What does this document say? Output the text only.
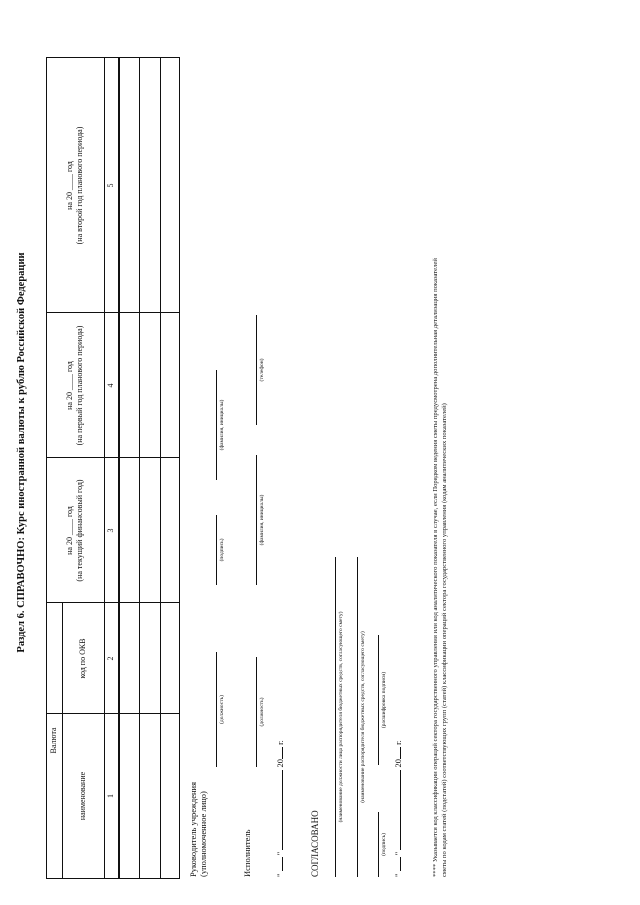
Раздел 6. СПРАВОЧНО: Курс иностранной валюты к рублю Российской Федерации
Валюта
наименование
код по ОКВ
на 20 ____ год
(на текущий финансовый год)
на 20 ____ год
(на первый год планового периода)
на 20 ____ год
(на второй год планового периода)
1
2
3
4
5
Руководитель учреждения (уполномоченное лицо)
(должность)
(подпись)
(фамилия, инициалы)
Исполнитель
(должность)
(фамилия, инициалы)
(телефон)
"  "  20 г.
СОГЛАСОВАНО
(наименование должности лица распорядителя бюджетных средств, согласующего смету)	(наименование распорядителя бюджетных средств, согласующего смету)
(подпись)
(расшифровка подписи)
"  "  20 г.
**** Указывается код классификации операций сектора государственного управления или код аналитического показателя в случае, если Порядком ведения сметы предусмотрена дополнительная детализация показателей сметы по кодам статей (подстатей) соответствующих групп (статей) классификации операций сектора государственного управления (кодам аналитических показателей)
